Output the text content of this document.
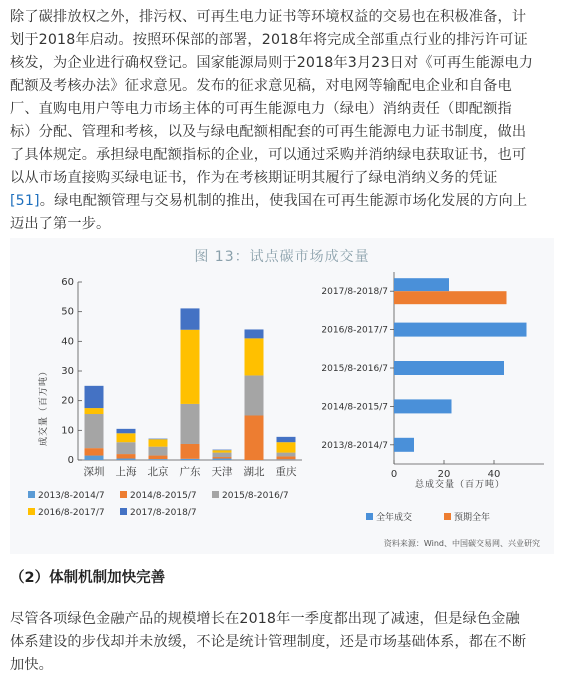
除了碳排放权之外，排污权、可再生电力证书等环境权益的交易也在积极准备，计
划于2018年启动。按照环保部的部署，2018年将完成全部重点行业的排污许可证
核发，为企业进行确权登记。国家能源局则于2018年3月23日对《可再生能源电力
配额及考核办法》征求意见。发布的征求意见稿，对电网等输配电企业和自备电
厂、直购电用户等电力市场主体的可再生能源电力（绿电）消纳责任（即配额指
标）分配、管理和考核，以及与绿电配额相配套的可再生能源电力证书制度，做出
了具体规定。承担绿电配额指标的企业，可以通过采购并消纳绿电获取证书，也可
以从市场直接购买绿电证书，作为在考核期证明其履行了绿电消纳义务的凭证
[51]。绿电配额管理与交易机制的推出，使我国在可再生能源市场化发展的方向上
迈出了第一步。
图 13：试点碳市场成交量
0
10
20
30
40
50
60
深圳 上海 北京 广东 天津 湖北 重庆
2013/8-2014/7	2014/8-2015/7	2015/8-2016/7
2016/8-2017/7	2017/8-2018/7
成交量（百万吨）
0	20	40
2017/8-2018/7
2016/8-2017/7
2015/8-2016/7
2014/8-2015/7
2013/8-2014/7
全年成交	预期全年
总成交量（百万吨）
资料来源：Wind、中国碳交易网、兴业研究
（2）体制机制加快完善
尽管各项绿色金融产品的规模增长在2018年一季度都出现了减速，但是绿色金融
体系建设的步伐却并未放缓，不论是统计管理制度，还是市场基础体系，都在不断
加快。
